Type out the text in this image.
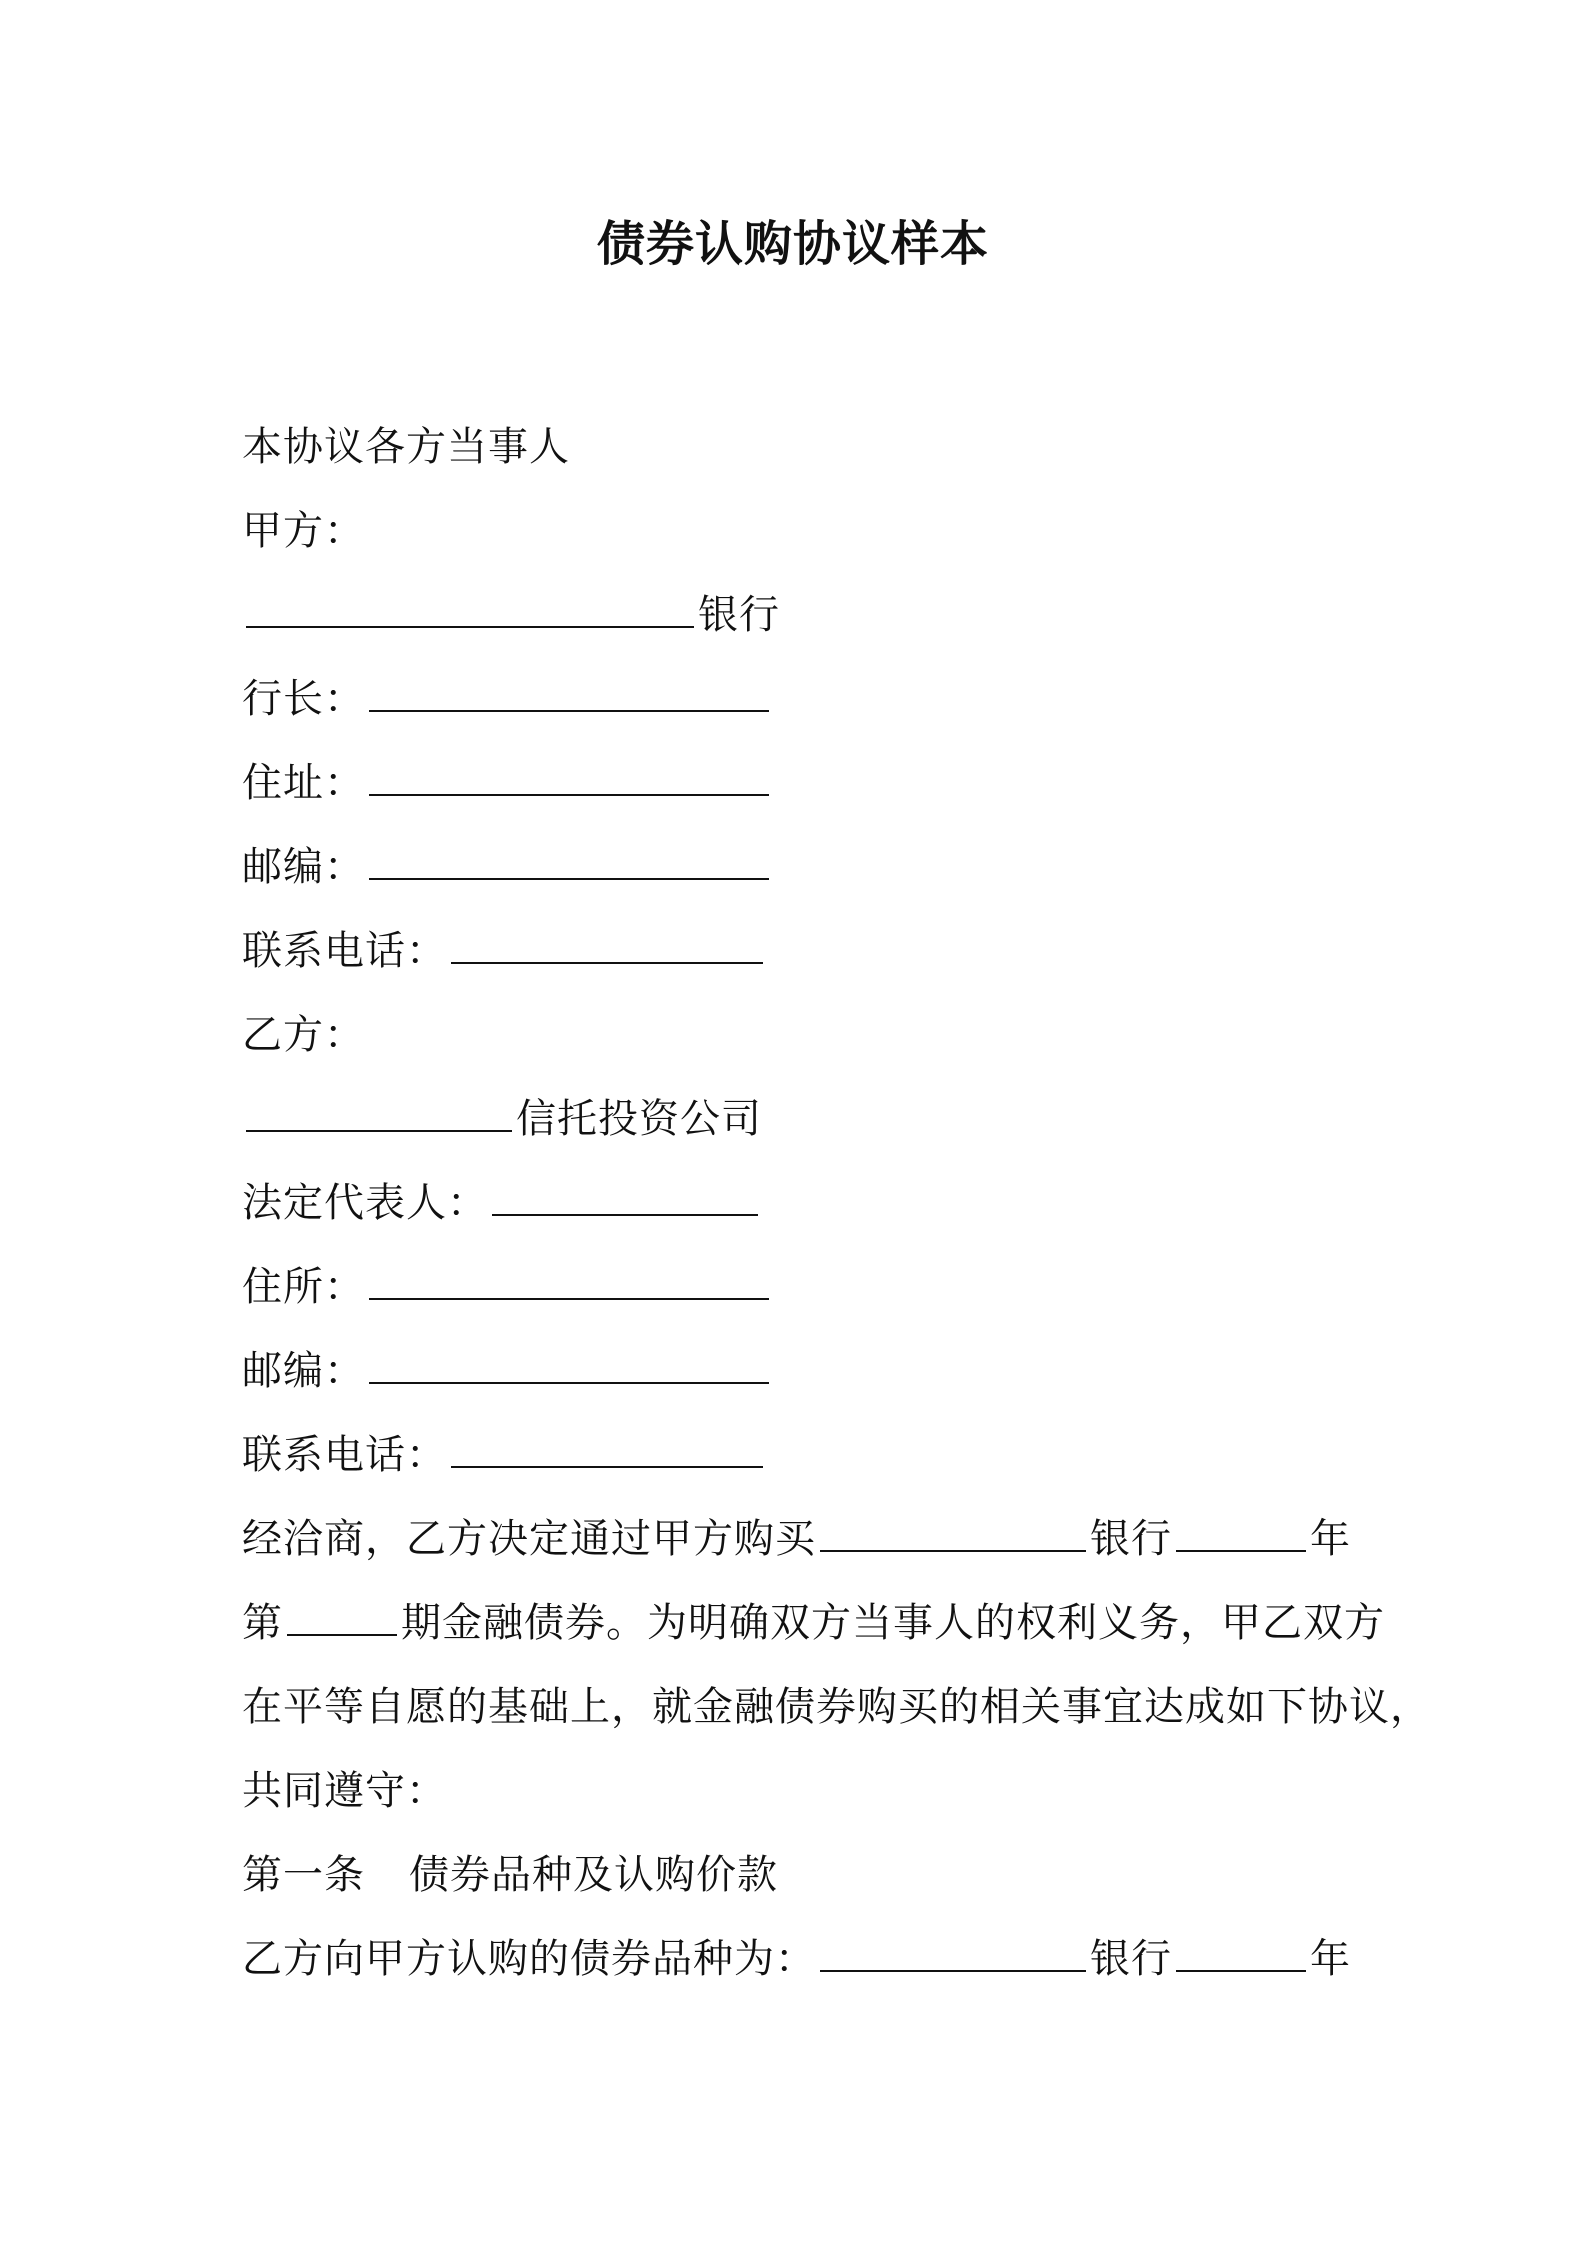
债券认购协议样本
本协议各方当事人
甲方：
银行
行长：
住址：
邮编：
联系电话：
乙方：
信托投资公司
法定代表人：
住所：
邮编：
联系电话：
经洽商，乙方决定通过甲方购买	银行	年
第	期金融债券。为明确双方当事人的权利义务，甲乙双方
在平等自愿的基础上，就金融债券购买的相关事宜达成如下协议，
共同遵守：
第一条 债券品种及认购价款
乙方向甲方认购的债券品种为：	银行	年
